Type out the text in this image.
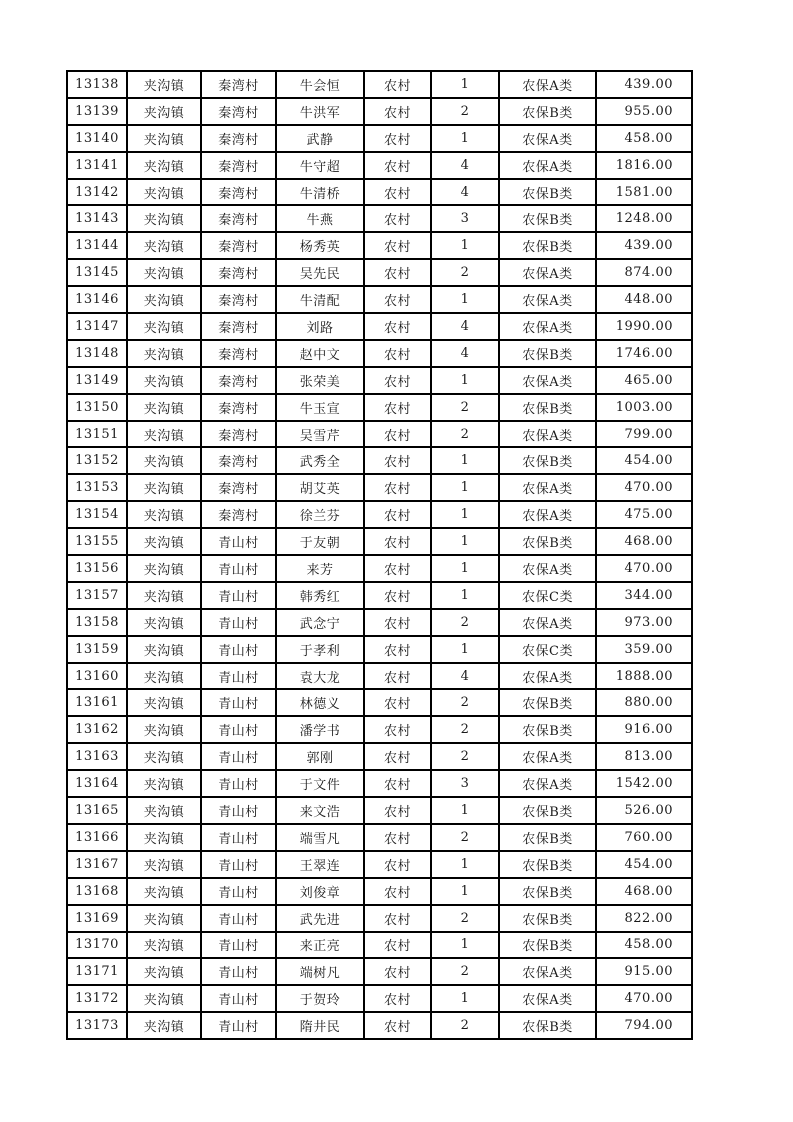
13138	夹沟镇	秦湾村	牛会恒	农村	1	农保A类	439.00
13139	夹沟镇	秦湾村	牛洪军	农村	2	农保B类	955.00
13140	夹沟镇	秦湾村	武静	农村	1	农保A类	458.00
13141	夹沟镇	秦湾村	牛守超	农村	4	农保A类	1816.00
13142	夹沟镇	秦湾村	牛清桥	农村	4	农保B类	1581.00
13143	夹沟镇	秦湾村	牛燕	农村	3	农保B类	1248.00
13144	夹沟镇	秦湾村	杨秀英	农村	1	农保B类	439.00
13145	夹沟镇	秦湾村	吴先民	农村	2	农保A类	874.00
13146	夹沟镇	秦湾村	牛清配	农村	1	农保A类	448.00
13147	夹沟镇	秦湾村	刘路	农村	4	农保A类	1990.00
13148	夹沟镇	秦湾村	赵中文	农村	4	农保B类	1746.00
13149	夹沟镇	秦湾村	张荣美	农村	1	农保A类	465.00
13150	夹沟镇	秦湾村	牛玉宣	农村	2	农保B类	1003.00
13151	夹沟镇	秦湾村	吴雪芹	农村	2	农保A类	799.00
13152	夹沟镇	秦湾村	武秀全	农村	1	农保B类	454.00
13153	夹沟镇	秦湾村	胡艾英	农村	1	农保A类	470.00
13154	夹沟镇	秦湾村	徐兰芬	农村	1	农保A类	475.00
13155	夹沟镇	青山村	于友朝	农村	1	农保B类	468.00
13156	夹沟镇	青山村	来芳	农村	1	农保A类	470.00
13157	夹沟镇	青山村	韩秀红	农村	1	农保C类	344.00
13158	夹沟镇	青山村	武念宁	农村	2	农保A类	973.00
13159	夹沟镇	青山村	于孝利	农村	1	农保C类	359.00
13160	夹沟镇	青山村	袁大龙	农村	4	农保A类	1888.00
13161	夹沟镇	青山村	林德义	农村	2	农保B类	880.00
13162	夹沟镇	青山村	潘学书	农村	2	农保B类	916.00
13163	夹沟镇	青山村	郭刚	农村	2	农保A类	813.00
13164	夹沟镇	青山村	于文件	农村	3	农保A类	1542.00
13165	夹沟镇	青山村	来文浩	农村	1	农保B类	526.00
13166	夹沟镇	青山村	端雪凡	农村	2	农保B类	760.00
13167	夹沟镇	青山村	王翠连	农村	1	农保B类	454.00
13168	夹沟镇	青山村	刘俊章	农村	1	农保B类	468.00
13169	夹沟镇	青山村	武先进	农村	2	农保B类	822.00
13170	夹沟镇	青山村	来正亮	农村	1	农保B类	458.00
13171	夹沟镇	青山村	端树凡	农村	2	农保A类	915.00
13172	夹沟镇	青山村	于贺玲	农村	1	农保A类	470.00
13173	夹沟镇	青山村	隋井民	农村	2	农保B类	794.00
